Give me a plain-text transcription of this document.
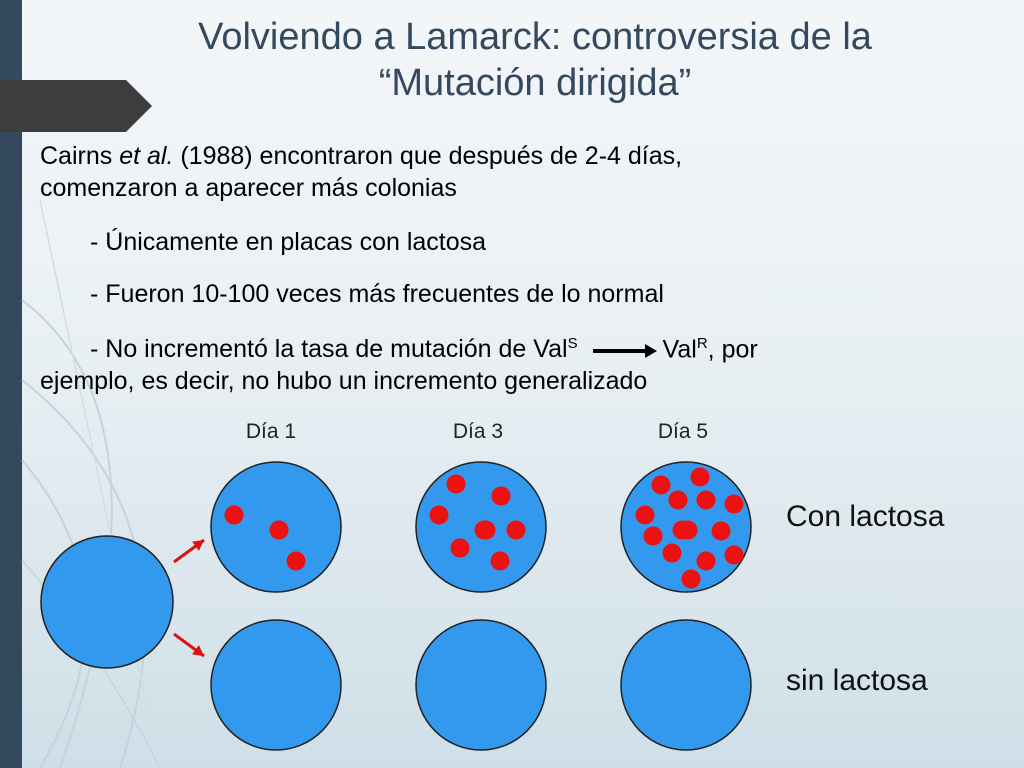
Volviendo a Lamarck: controversia de la
“Mutación dirigida”
Cairns et al. (1988) encontraron que después de 2-4 días,
comenzaron a aparecer más colonias
- Únicamente en placas con lactosa
- Fueron 10-100 veces más frecuentes de lo normal
- No incrementó la tasa de mutación de Val$^S$	Val$^R$, por
ejemplo, es decir, no hubo un incremento generalizado
Día 1	Día 3	Día 5
Con lactosa
sin lactosa
